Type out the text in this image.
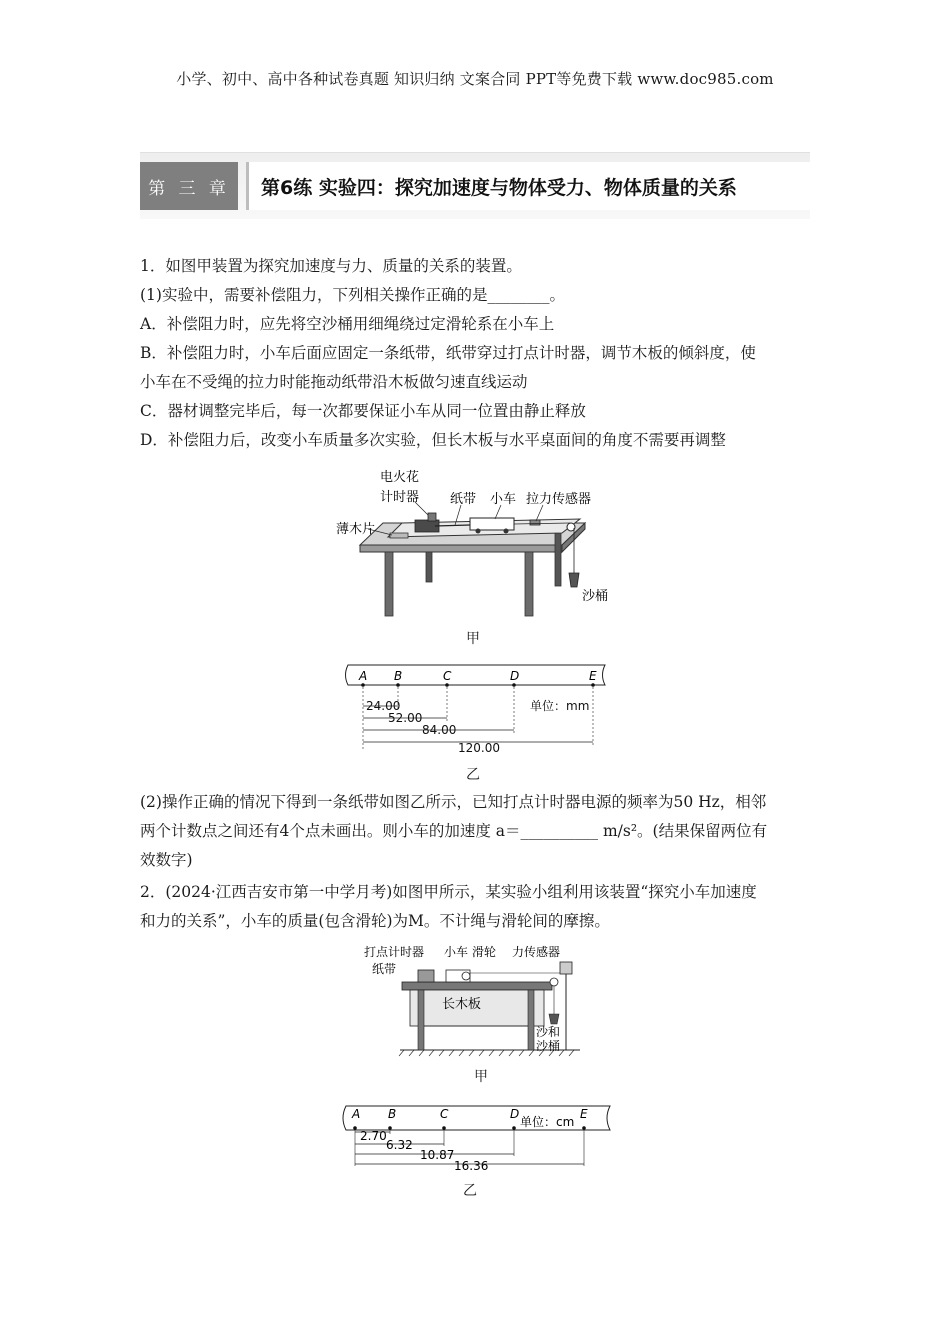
小学、初中、高中各种试卷真题 知识归纳 文案合同 PPT等免费下载 www.doc985.com
第 三 章	第6练 实验四：探究加速度与物体受力、物体质量的关系
1．如图甲装置为探究加速度与力、质量的关系的装置。
(1)实验中，需要补偿阻力，下列相关操作正确的是________。
A．补偿阻力时，应先将空沙桶用细绳绕过定滑轮系在小车上
B．补偿阻力时，小车后面应固定一条纸带，纸带穿过打点计时器，调节木板的倾斜度，使
小车在不受绳的拉力时能拖动纸带沿木板做匀速直线运动
C．器材调整完毕后，每一次都要保证小车从同一位置由静止释放
D．补偿阻力后，改变小车质量多次实验，但长木板与水平桌面间的角度不需要再调整
电火花
计时器 纸带 小车 拉力传感器
薄木片
沙桶
甲
A B	C	D	E
24.00
52.00
84.00
120.00
单位：mm
乙
(2)操作正确的情况下得到一条纸带如图乙所示，已知打点计时器电源的频率为50 Hz，相邻
两个计数点之间还有4个点未画出。则小车的加速度 a＝__________ m/s²。(结果保留两位有
效数字)
2．(2024·江西吉安市第一中学月考)如图甲所示，某实验小组利用该装置“探究小车加速度
和力的关系”，小车的质量(包含滑轮)为M。不计绳与滑轮间的摩擦。
打点计时器 小车 滑轮 力传感器
纸带
长木板
沙和
沙桶
甲
A B	C	D	E
单位：cm
2.70
6.32
10.87
16.36
乙
